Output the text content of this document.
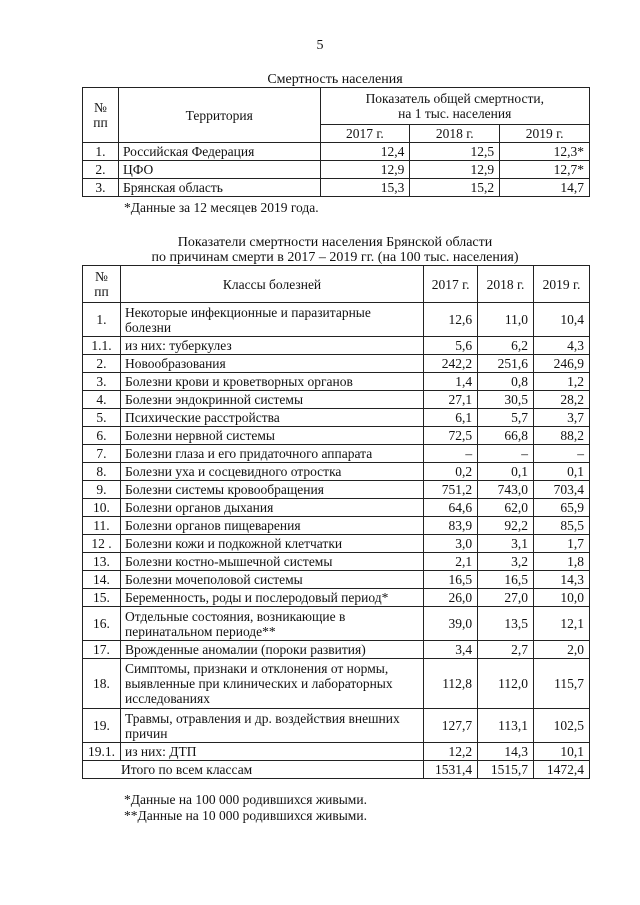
5
Смертность населения
№ пп	Территория	Показатель общей смертности,
на 1 тыс. населения		
		2017 г.	2018 г.	2019 г.
1.	Российская Федерация	12,4	12,5	12,3*
2.	ЦФО	12,9	12,9	12,7*
3.	Брянская область	15,3	15,2	14,7
*Данные за 12 месяцев 2019 года.
Показатели смертности населения Брянской области
по причинам смерти в 2017 – 2019 гг. (на 100 тыс. населения)
№ пп	Классы болезней	2017 г.	2018 г.	2019 г.
1.	Некоторые инфекционные и паразитарные болезни	12,6	11,0	10,4
1.1.	из них: туберкулез	5,6	6,2	4,3
2.	Новообразования	242,2	251,6	246,9
3.	Болезни крови и кроветворных органов	1,4	0,8	1,2
4.	Болезни эндокринной системы	27,1	30,5	28,2
5.	Психические расстройства	6,1	5,7	3,7
6.	Болезни нервной системы	72,5	66,8	88,2
7.	Болезни глаза и его придаточного аппарата	–	–	–
8.	Болезни уха и сосцевидного отростка	0,2	0,1	0,1
9.	Болезни системы кровообращения	751,2	743,0	703,4
10.	Болезни органов дыхания	64,6	62,0	65,9
11.	Болезни органов пищеварения	83,9	92,2	85,5
12 .	Болезни кожи и подкожной клетчатки	3,0	3,1	1,7
13.	Болезни костно-мышечной системы	2,1	3,2	1,8
14.	Болезни мочеполовой системы	16,5	16,5	14,3
15.	Беременность, роды и послеродовый период*	26,0	27,0	10,0
16.	Отдельные состояния, возникающие в перинатальном периоде**	39,0	13,5	12,1
17.	Врожденные аномалии (пороки развития)	3,4	2,7	2,0
18.	Симптомы, признаки и отклонения от нормы, выявленные при клинических и лабораторных исследованиях	112,8	112,0	115,7
19.	Травмы, отравления и др. воздействия внешних причин	127,7	113,1	102,5
19.1.	из них: ДТП	12,2	14,3	10,1
Итого по всем классам		1531,4	1515,7	1472,4
*Данные на 100 000 родившихся живыми.
**Данные на 10 000 родившихся живыми.
